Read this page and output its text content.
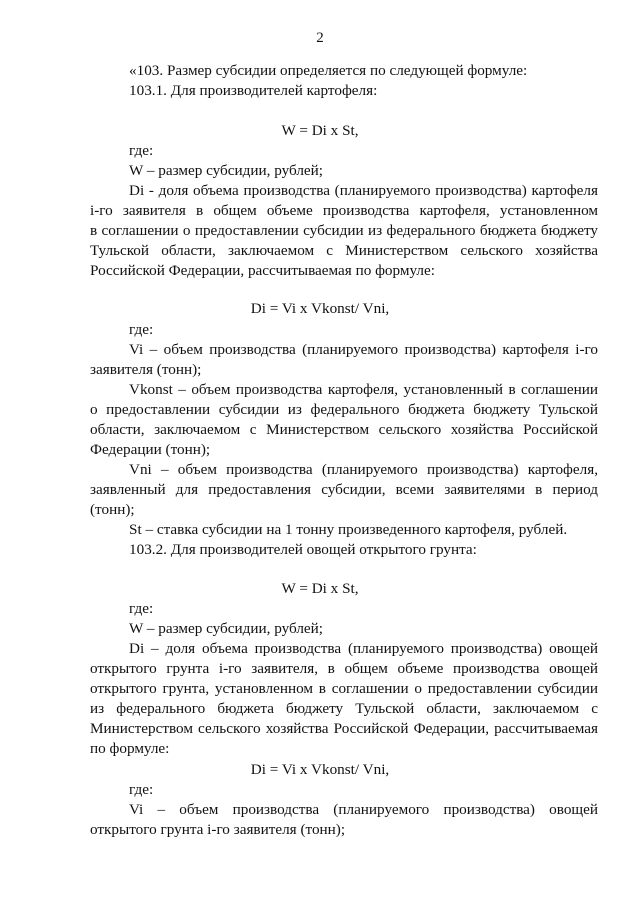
2
«103. Размер субсидии определяется по следующей формуле:
103.1. Для производителей картофеля:
W = Di x St,
где:
W – размер субсидии, рублей;
Di - доля объема производства (планируемого производства) картофеля
i-го заявителя в общем объеме производства картофеля, установленном
в соглашении о предоставлении субсидии из федерального бюджета бюджету
Тульской области, заключаемом с Министерством сельского хозяйства
Российской Федерации, рассчитываемая по формуле:
Di = Vi x Vkonst/ Vni,
где:
Vi – объем производства (планируемого производства) картофеля i-го
заявителя (тонн);
Vkonst – объем производства картофеля, установленный в соглашении
о предоставлении субсидии из федерального бюджета бюджету Тульской
области, заключаемом с Министерством сельского хозяйства Российской
Федерации (тонн);
Vni – объем производства (планируемого производства) картофеля,
заявленный для предоставления субсидии, всеми заявителями в период
(тонн);
St – ставка субсидии на 1 тонну произведенного картофеля, рублей.
103.2. Для производителей овощей открытого грунта:
W = Di x St,
где:
W – размер субсидии, рублей;
Di – доля объема производства (планируемого производства) овощей
открытого грунта i-го заявителя, в общем объеме производства овощей
открытого грунта, установленном в соглашении о предоставлении субсидии
из федерального бюджета бюджету Тульской области, заключаемом с
Министерством сельского хозяйства Российской Федерации, рассчитываемая
по формуле:
Di = Vi x Vkonst/ Vni,
где:
Vi – объем производства (планируемого производства) овощей
открытого грунта i-го заявителя (тонн);
